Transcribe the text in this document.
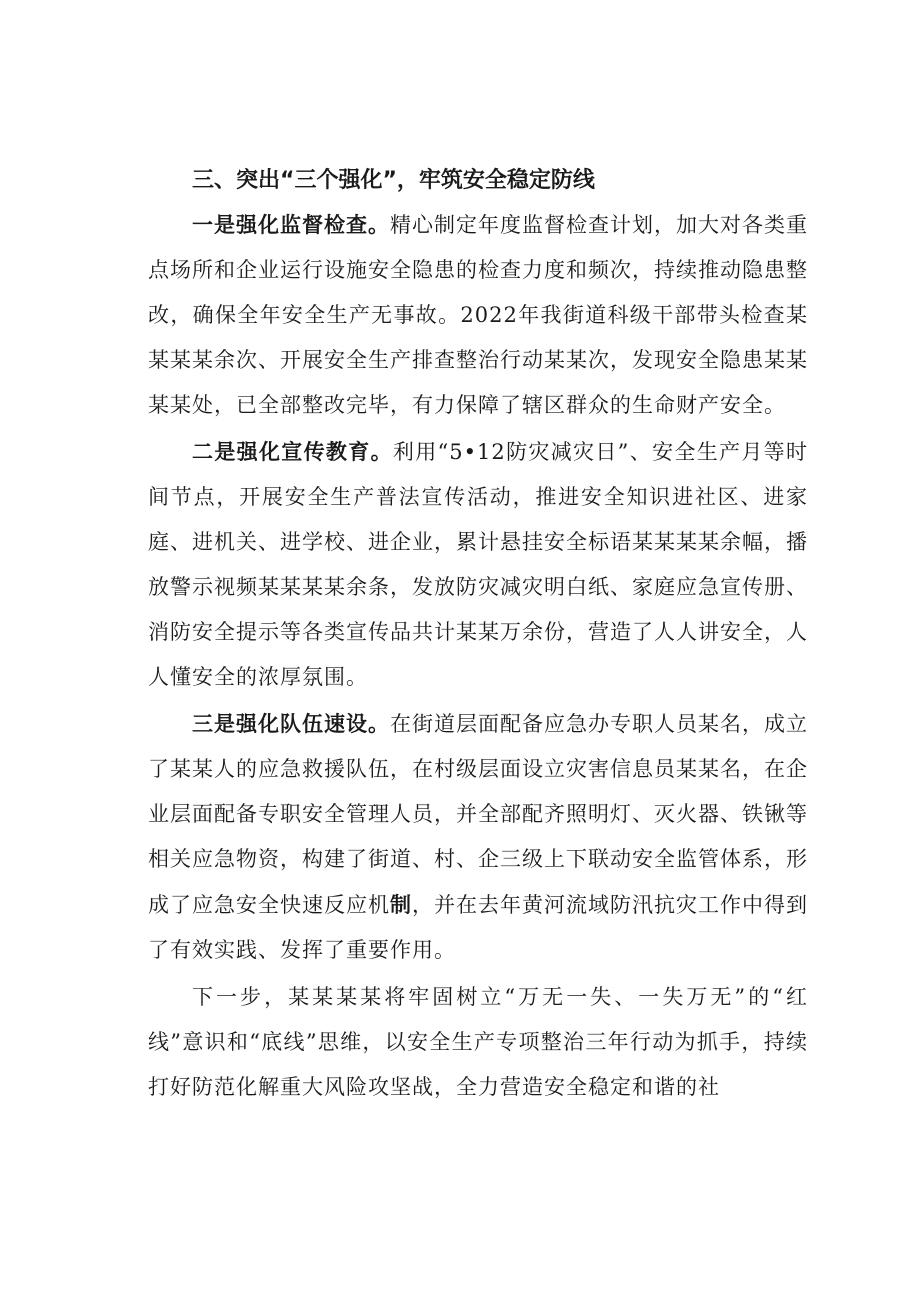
三、突出“三个强化”，牢筑安全稳定防线

一是强化监督检查。精心制定年度监督检查计划，加大对各类重点场所和企业运行设施安全隐患的检查力度和频次，持续推动隐患整改，确保全年安全生产无事故。2022年我街道科级干部带头检查某某某某余次、开展安全生产排查整治行动某某次，发现安全隐患某某某某处，已全部整改完毕，有力保障了辖区群众的生命财产安全。

二是强化宣传教育。利用“5•12防灾减灾日”、安全生产月等时间节点，开展安全生产普法宣传活动，推进安全知识进社区、进家庭、进机关、进学校、进企业，累计悬挂安全标语某某某某余幅，播放警示视频某某某某余条，发放防灾减灾明白纸、家庭应急宣传册、消防安全提示等各类宣传品共计某某万余份，营造了人人讲安全，人人懂安全的浓厚氛围。

三是强化队伍速设。在街道层面配备应急办专职人员某名，成立了某某人的应急救援队伍，在村级层面设立灾害信息员某某名，在企业层面配备专职安全管理人员，并全部配齐照明灯、灭火器、铁锹等相关应急物资，构建了街道、村、企三级上下联动安全监管体系，形成了应急安全快速反应机制，并在去年黄河流域防汛抗灾工作中得到了有效实践、发挥了重要作用。

下一步，某某某某将牢固树立“万无一失、一失万无”的“红线”意识和“底线”思维，以安全生产专项整治三年行动为抓手，持续打好防范化解重大风险攻坚战，全力营造安全稳定和谐的社
